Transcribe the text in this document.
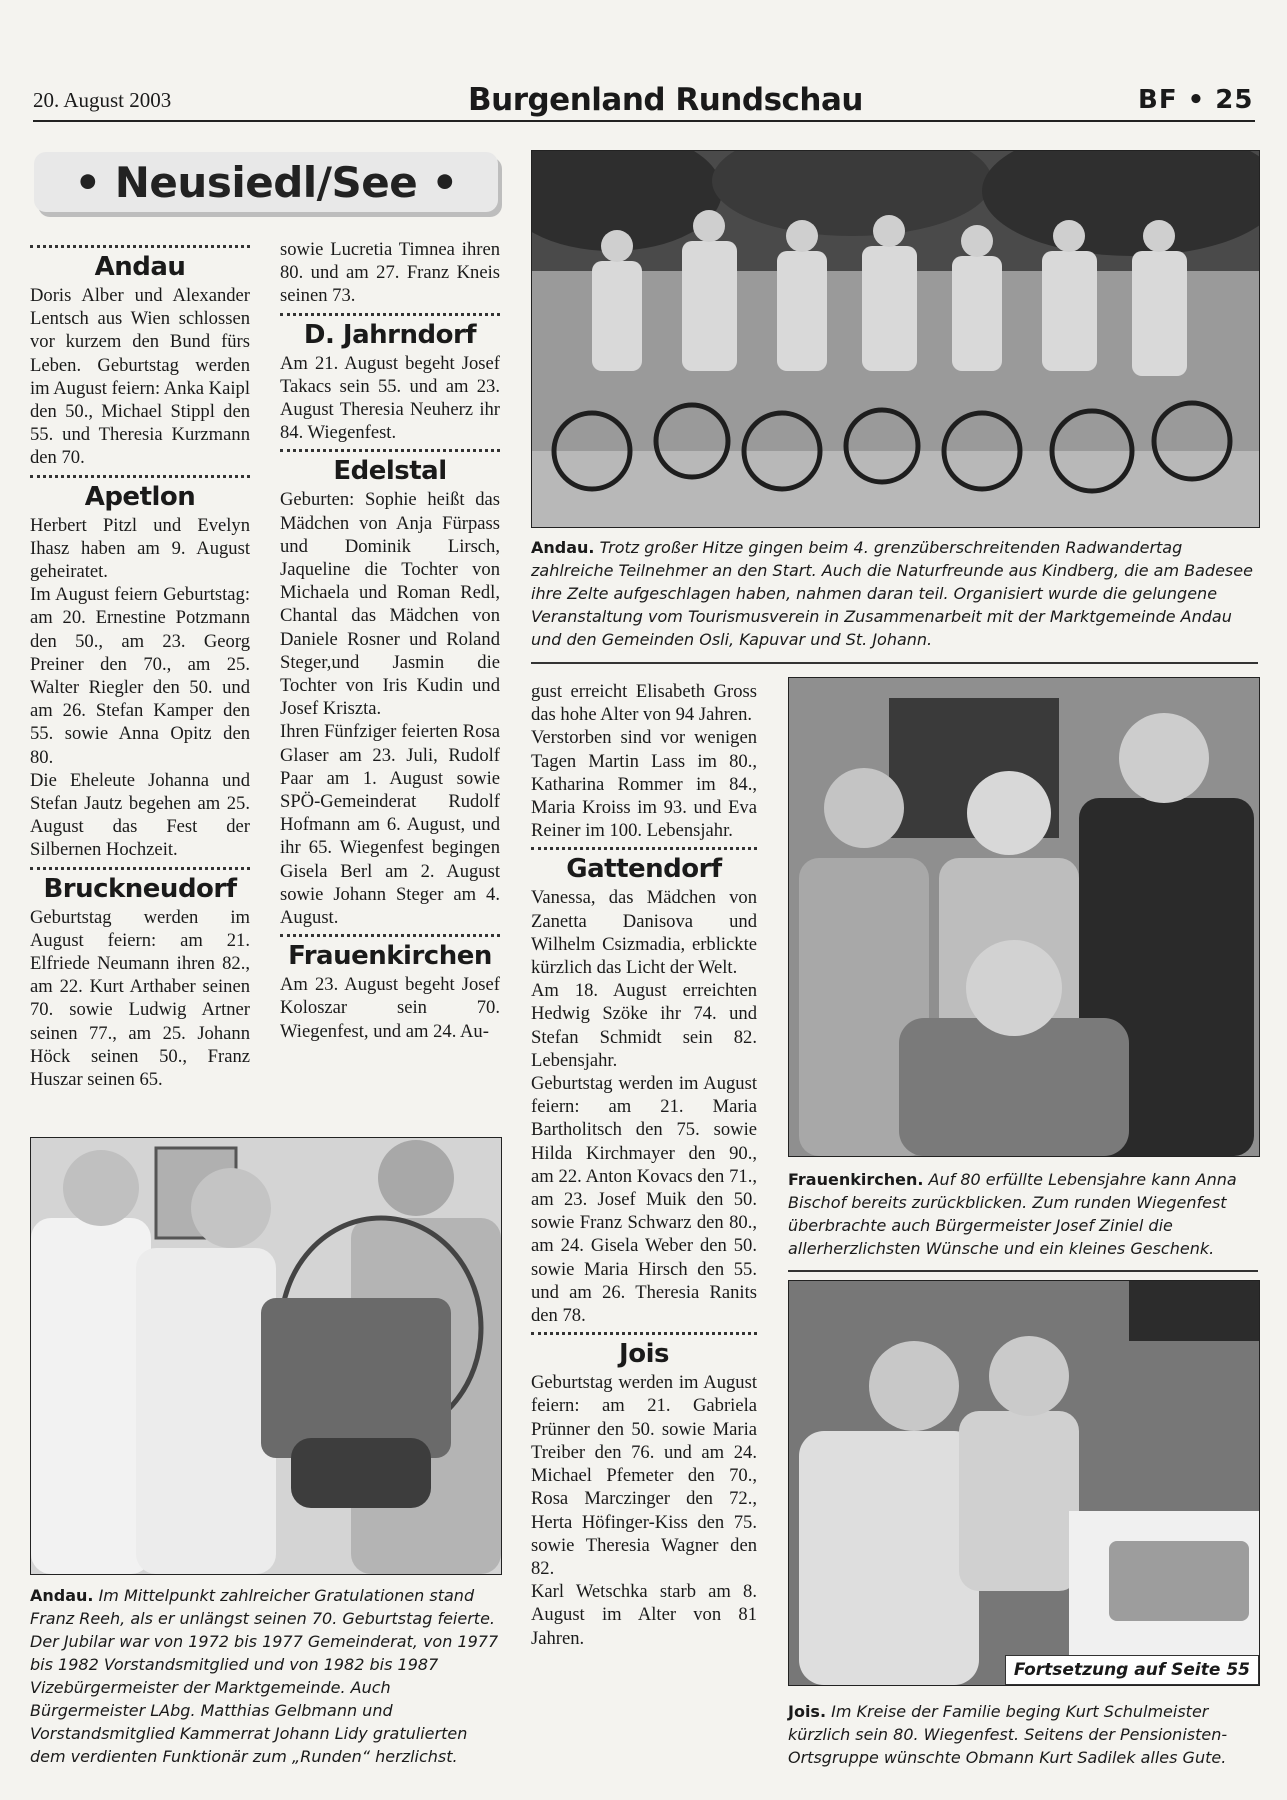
20. August 2003	Burgenland Rundschau	BF • 25
• Neusiedl/See •
Andau

Doris Alber und Alexander Lentsch aus Wien schlossen vor kurzem den Bund fürs Leben. Geburtstag werden im August feiern: Anka Kaipl den 50., Michael Stippl den 55. und Theresia Kurzmann den 70.

Apetlon

Herbert Pitzl und Evelyn Ihasz haben am 9. August geheiratet.

Im August feiern Geburtstag: am 20. Ernestine Potzmann den 50., am 23. Georg Preiner den 70., am 25. Walter Riegler den 50. und am 26. Stefan Kamper den 55. sowie Anna Opitz den 80.

Die Eheleute Johanna und Stefan Jautz begehen am 25. August das Fest der Silbernen Hochzeit.

Bruckneudorf

Geburtstag werden im August feiern: am 21. Elfriede Neumann ihren 82., am 22. Kurt Arthaber seinen 70. sowie Ludwig Artner seinen 77., am 25. Johann Höck seinen 50., Franz Huszar seinen 65.

sowie Lucretia Timnea ihren 80. und am 27. Franz Kneis seinen 73.

D. Jahrndorf

Am 21. August begeht Josef Takacs sein 55. und am 23. August Theresia Neuherz ihr 84. Wiegenfest.

Edelstal

Geburten: Sophie heißt das Mädchen von Anja Fürpass und Dominik Lirsch, Jaqueline die Tochter von Michaela und Roman Redl, Chantal das Mädchen von Daniele Rosner und Roland Steger,und Jasmin die Tochter von Iris Kudin und Josef Kriszta.

Ihren Fünfziger feierten Rosa Glaser am 23. Juli, Rudolf Paar am 1. August sowie SPÖ-Gemeinderat Rudolf Hofmann am 6. August, und ihr 65. Wiegenfest begingen Gisela Berl am 2. August sowie Johann Steger am 4. August.

Frauenkirchen

Am 23. August begeht Josef Koloszar sein 70. Wiegenfest, und am 24. Au-

gust erreicht Elisabeth Gross das hohe Alter von 94 Jahren.

Verstorben sind vor wenigen Tagen Martin Lass im 80., Katharina Rommer im 84., Maria Kroiss im 93. und Eva Reiner im 100. Lebensjahr.

Gattendorf

Vanessa, das Mädchen von Zanetta Danisova und Wilhelm Csizmadia, erblickte kürzlich das Licht der Welt.

Am 18. August erreichten Hedwig Szöke ihr 74. und Stefan Schmidt sein 82. Lebensjahr.

Geburtstag werden im August feiern: am 21. Maria Bartholitsch den 75. sowie Hilda Kirchmayer den 90., am 22. Anton Kovacs den 71., am 23. Josef Muik den 50. sowie Franz Schwarz den 80., am 24. Gisela Weber den 50. sowie Maria Hirsch den 55. und am 26. Theresia Ranits den 78.

Jois

Geburtstag werden im August feiern: am 21. Gabriela Prünner den 50. sowie Maria Treiber den 76. und am 24. Michael Pfemeter den 70., Rosa Marczinger den 72., Herta Höfinger-Kiss den 75. sowie Theresia Wagner den 82.

Karl Wetschka starb am 8. August im Alter von 81 Jahren.

Andau. Trotz großer Hitze gingen beim 4. grenzüberschreitenden Radwandertag zahlreiche Teilnehmer an den Start. Auch die Naturfreunde aus Kindberg, die am Badesee ihre Zelte aufgeschlagen haben, nahmen daran teil. Organisiert wurde die gelungene Veranstaltung vom Tourismusverein in Zusammenarbeit mit der Marktgemeinde Andau und den Gemeinden Osli, Kapuvar und St. Johann.
Frauenkirchen. Auf 80 erfüllte Lebensjahre kann Anna Bischof bereits zurückblicken. Zum runden Wiegenfest überbrachte auch Bürgermeister Josef Ziniel die allerherzlichsten Wünsche und ein kleines Geschenk.
Fortsetzung auf Seite 55
Jois. Im Kreise der Familie beging Kurt Schulmeister kürzlich sein 80. Wiegenfest. Seitens der Pensionisten-Ortsgruppe wünschte Obmann Kurt Sadilek alles Gute.
Andau. Im Mittelpunkt zahlreicher Gratulationen stand Franz Reeh, als er unlängst seinen 70. Geburtstag feierte. Der Jubilar war von 1972 bis 1977 Gemeinderat, von 1977 bis 1982 Vorstandsmitglied und von 1982 bis 1987 Vizebürgermeister der Marktgemeinde. Auch Bürgermeister LAbg. Matthias Gelbmann und Vorstandsmitglied Kammerrat Johann Lidy gratulierten dem verdienten Funktionär zum „Runden“ herzlichst.
